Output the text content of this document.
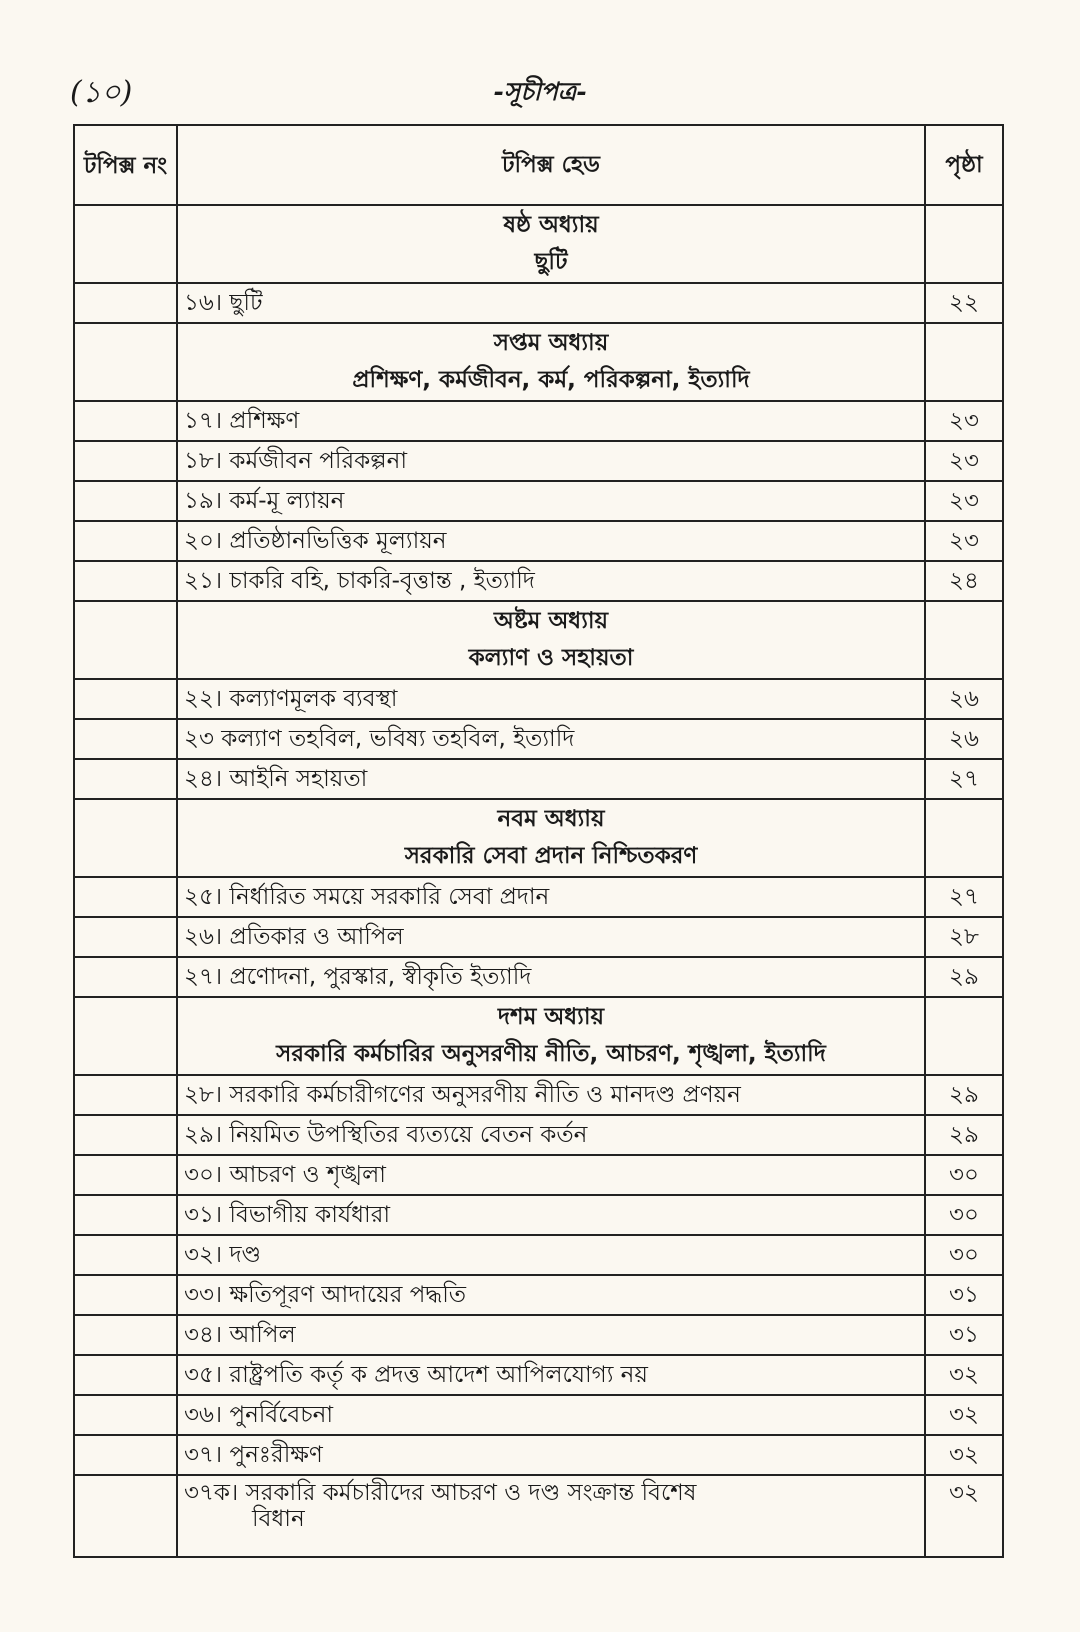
(১০)	-সূচীপত্র-
টপিক্স নং	টপিক্স হেড	পৃষ্ঠা

	ষষ্ঠ অধ্যায়
ছুটি	

	১৬। ছুটি	২২

	সপ্তম অধ্যায়
প্রশিক্ষণ, কর্মজীবন, কর্ম, পরিকল্পনা, ইত্যাদি	

	১৭। প্রশিক্ষণ	২৩
	১৮। কর্মজীবন পরিকল্পনা	২৩
	১৯। কর্ম-মূ ল্যায়ন	২৩
	২০। প্রতিষ্ঠানভিত্তিক মূল্যায়ন	২৩
	২১। চাকরি বহি, চাকরি-বৃত্তান্ত , ইত্যাদি	২৪

	অষ্টম অধ্যায়
কল্যাণ ও সহায়তা	

	২২। কল্যাণমূলক ব্যবস্থা	২৬
	২৩ কল্যাণ তহবিল, ভবিষ্য তহবিল, ইত্যাদি	২৬
	২৪। আইনি সহায়তা	২৭

	নবম অধ্যায়
সরকারি সেবা প্রদান নিশ্চিতকরণ	

	২৫। নির্ধারিত সময়ে সরকারি সেবা প্রদান	২৭
	২৬। প্রতিকার ও আপিল	২৮
	২৭। প্রণোদনা, পুরস্কার, স্বীকৃতি ইত্যাদি	২৯

	দশম অধ্যায়
সরকারি কর্মচারির অনুসরণীয় নীতি, আচরণ, শৃঙ্খলা, ইত্যাদি	

	২৮। সরকারি কর্মচারীগণের অনুসরণীয় নীতি ও মানদণ্ড প্রণয়ন	২৯
	২৯। নিয়মিত উপস্থিতির ব্যত্যয়ে বেতন কর্তন	২৯
	৩০। আচরণ ও শৃঙ্খলা	৩০
	৩১। বিভাগীয় কার্যধারা	৩০
	৩২। দণ্ড	৩০
	৩৩। ক্ষতিপূরণ আদায়ের পদ্ধতি	৩১
	৩৪। আপিল	৩১
	৩৫। রাষ্ট্রপতি কর্তৃ ক প্রদত্ত আদেশ আপিলযোগ্য নয়	৩২
	৩৬। পুনর্বিবেচনা	৩২
	৩৭। পুনঃরীক্ষণ	৩২
	৩৭ক। সরকারি কর্মচারীদের আচরণ ও দণ্ড সংক্রান্ত বিশেষ
বিধান	৩২
